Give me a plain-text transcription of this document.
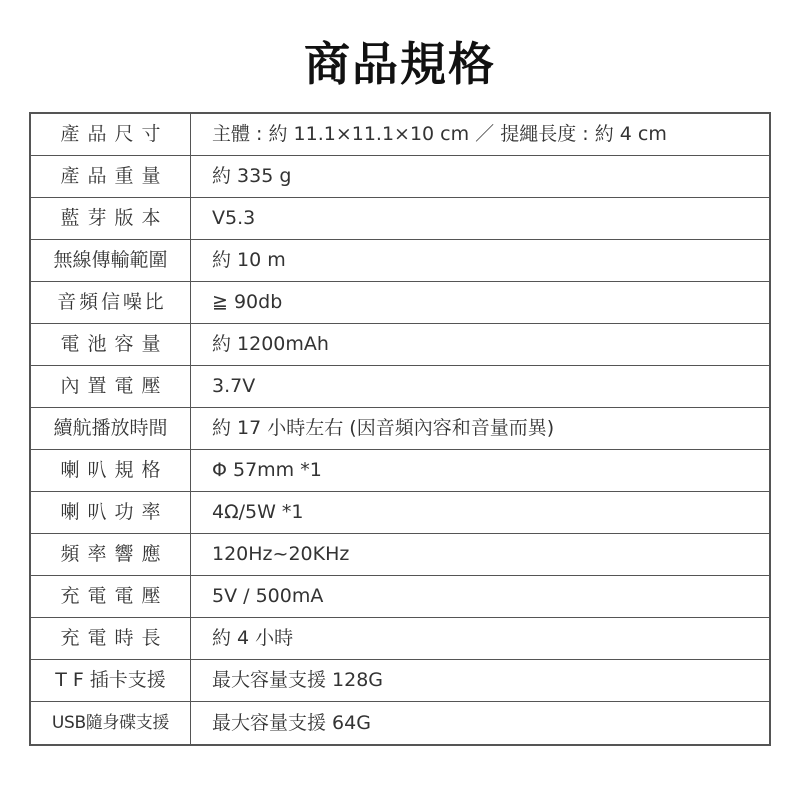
商品規格
產品尺寸	主體 : 約 11.1×11.1×10 cm ／ 提繩長度 : 約 4 cm
產品重量	約 335 g
藍芽版本	V5.3
無線傳輸範圍	約 10 m
音頻信噪比	≧ 90db
電池容量	約 1200mAh
內置電壓	3.7V
續航播放時間	約 17 小時左右 (因音頻內容和音量而異)
喇叭規格	Φ 57mm *1
喇叭功率	4Ω/5W *1
頻率響應	120Hz~20KHz
充電電壓	5V / 500mA
充電時長	約 4 小時
T F 插卡支援	最大容量支援 128G
USB隨身碟支援	最大容量支援 64G
